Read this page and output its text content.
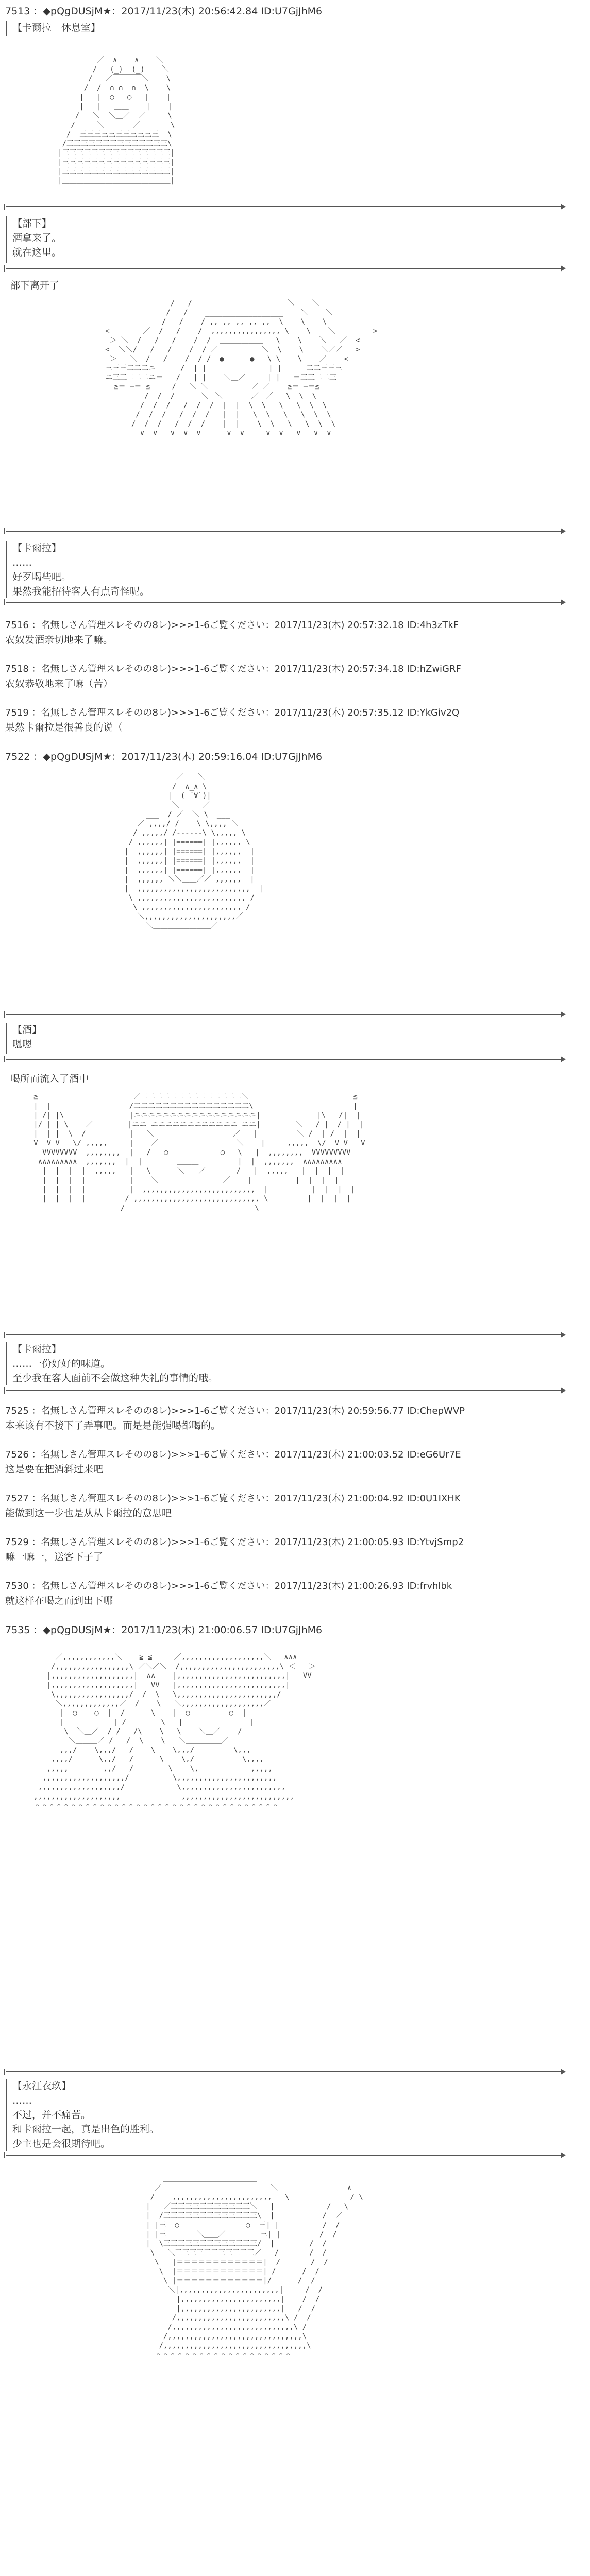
7513 ：◆pQgDUSjM★：2017/11/23(木) 20:56:42.84 ID:U7GjJhM6
【卡爾拉　休息室】
__________
／  ∧    ∧    ＼
/   (_)  (_)    ＼
/   ／￣￣￣￣＼    \
/  /  ∩ ∩  ∩  \    \
|   |  ○   ○   |    |
|   |   ＿＿    |    |
/   ＼  ＼＿／  ／     \
/     ＼＿＿＿＿／       \
/  三三三三三三三三三三三  \
/三三三三三三三三三三三三三三\
|三三三三三三三三三三三三三三三|
|三三三三三三三三三三三三三三三|
|三三三三三三三三三三三三三三三|
|＿＿＿＿＿＿＿＿＿＿＿＿＿＿＿|
【部下】
酒拿来了。
就在这里。
部下离开了
/   /                      ＼    ＼
/   /    __________________    ＼    ＼
__ /   /    / ,, ,, ,, ,, ,,  \    \    \
< ＿     ／  /   /    /  ,,,,,,,,,,,,,,,, \    \    ＼      ＿ >
＞ ＼  /   /   /    /  /  ＿＿＿＿＿＿   \    \    ＼   ／  <
<  ＼＼/   /   /    /  / ／          ＼  \    \    ＼／／   >
＞   ＼  /   /    /  / /  ●      ●   \ \    \    ／    <
三三三二二二ニ＿    /  | |     ＿＿      | |    ＿二二三三三
ニ三三二二二ニ＝   /   | |    ＼＿／     | |   ＝三三二二三
≧＝ ―＝ ≦     /   ＼ ＼          ／ ／    ≧＝ ―＝≦
/  /  /      ＼＿＼＿＿＿＿／＿／   \  \  \
/  /  /   /  /  /  |  |  \  \   \   \  \  \
/  /  /   /  /  /   |  |   \  \   \   \  \  \
/  /  /   /  /  /    |  |    \  \   \   \  \  \
∨  ∨   ∨  ∨  ∨      ∨  ∨     ∨  ∨   ∨   ∨  ∨
【卡爾拉】
……
好歹喝些吧。
果然我能招待客人有点奇怪呢。
7516 ：名無しさん管理スレそのの8レ)>>>1-6ご覧ください：2017/11/23(木) 20:57:32.18 ID:4h3zTkF
农奴发酒亲切地来了嘛。
7518 ：名無しさん管理スレそのの8レ)>>>1-6ご覧ください：2017/11/23(木) 20:57:34.18 ID:hZwiGRF
农奴恭敬地来了嘛（苦）
7519 ：名無しさん管理スレそのの8レ)>>>1-6ご覧ください：2017/11/23(木) 20:57:35.12 ID:YkGiv2Q
果然卡爾拉是很善良的说（
7522 ：◆pQgDUSjM★：2017/11/23(木) 20:59:16.04 ID:U7GjJhM6
／￣￣＼
/  ∧_∧ \
|  ( ´∀`)|
＼ ＿＿ ／
___  / ／  ＼ \  ___
／ ,,,,/ /    \ \,,,, ＼
/ ,,,,,/ /------\ \,,,,, \
/ ,,,,,,| |======| |,,,,,, \
|  ,,,,,,| |======| |,,,,,,  |
|  ,,,,,,| |======| |,,,,,,  |
|  ,,,,,,| |======| |,,,,,,  |
|  ,,,,,, ＼＼＿＿／／ ,,,,,,  |
|  ,,,,,,,,,,,,,,,,,,,,,,,,,,  |
\ ,,,,,,,,,,,,,,,,,,,,,,,,, /
\ ,,,,,,,,,,,,,,,,,,,,,,, /
＼,,,,,,,,,,,,,,,,,,,,,／
＼＿＿＿＿＿＿＿＿／
【酒】
嗯嗯
喝所而流入了酒中
≧                      ／二二二二二二二二二二二二二二＼                        ≦
|  |                  /二二二二二二二二二二二二二二二二\                       |
| /| |\               |ニニニニニニニニニニニニニニニニニ|             |\   /|  |
|/ | | \    ／        |ニニ ニニニニニニニニニニニニ ニニ|        ＼   / |  / |  |
|  | |  \  /          |   ＼＿＿＿＿＿＿＿＿＿＿＿／   |         ＼ /  | /  |  |
V  V V   \/ ,,,,,     |    ／                  ＼    |     ,,,,,  \/  V V   V
VVVVVVVV  ,,,,,,,,  |   /   ○            ○   \   |  ,,,,,,,,  VVVVVVVVV
∧∧∧∧∧∧∧∧∧  ,,,,,,,  |  |        ＿＿＿         |  |  ,,,,,,,  ∧∧∧∧∧∧∧∧∧
|  |  |  |  ,,,,,   |   \      ＼＿＿／       /   |  ,,,,,   |  |  |  |
|  |  |  |          |    ＼＿＿＿＿＿＿＿＿＿／    |          |  |  |  |
|  |  |  |          |  ,,,,,,,,,,,,,,,,,,,,,,,,,,  |          |  |  |  |
|  |  |  |         / ,,,,,,,,,,,,,,,,,,,,,,,,,,,,, \         |  |  |  |
/＿＿＿＿＿＿＿＿＿＿＿＿＿＿＿＿＿＿\
【卡爾拉】
……一份好好的味道。
至少我在客人面前不会做这种失礼的事情的哦。
7525 ：名無しさん管理スレそのの8レ)>>>1-6ご覧ください：2017/11/23(木) 20:59:56.77 ID:ChepWVP
本来该有不接下了弄事吧。而是是能强喝都喝的。
7526 ：名無しさん管理スレそのの8レ)>>>1-6ご覧ください：2017/11/23(木) 21:00:03.52 ID:eG6Ur7E
这是要在把酒斜过来吧
7527 ：名無しさん管理スレそのの8レ)>>>1-6ご覧ください：2017/11/23(木) 21:00:04.92 ID:0U1IXHK
能做到这一步也是从从卡爾拉的意思吧
7529 ：名無しさん管理スレそのの8レ)>>>1-6ご覧ください：2017/11/23(木) 21:00:05.93 ID:YtvjSmp2
嘛一嘛一，送客下子了
7530 ：名無しさん管理スレそのの8レ)>>>1-6ご覧ください：2017/11/23(木) 21:00:26.93 ID:frvhlbk
就这样在喝之而到出下哪
7535 ：◆pQgDUSjM★：2017/11/23(木) 21:00:06.57 ID:U7GjJhM6
＿＿＿＿＿＿                 ＿＿＿＿＿＿＿＿＿
／,,,,,,,,,,,,＼    ≧ ≦     ／,,,,,,,,,,,,,,,,,,,＼   ∧∧∧
/,,,,,,,,,,,,,,,,,\ ／＼／＼  /,,,,,,,,,,,,,,,,,,,,,,,\ ＜   ＞
|,,,,,,,,,,,,,,,,,,,|  ∧∧    |,,,,,,,,,,,,,,,,,,,,,,,,,|   VV
|,,,,,,,,,,,,,,,,,,,|   VV   |,,,,,,,,,,,,,,,,,,,,,,,,,|
\,,,,,,,,,,,,,,,,,/  /  \   \,,,,,,,,,,,,,,,,,,,,,,,/
＼,,,,,,,,,,,,,／  /    \   ＼,,,,,,,,,,,,,,,,,,,／
|  ○    ○  |  /      \    |  ○         ○  |
|    ＿＿    | /        \   |      ＿＿      |
\  ＼＿／  / /   /\    \   \    ＼＿／    /
＼＿＿＿／ /   /  \    \   ＼＿＿＿＿＿／
,,,/    \,,,/   /    \    \,,,/         \,,,
,,,,/      \,,/   /      \    \,/           \,,,,
,,,,,        ,,/   /        \    \,            ,,,,,
,,,,,,,,,,,,,,,,,,,/          \,,,,,,,,,,,,,,,,,,,,,,,
,,,,,,,,,,,,,,,,,,,/            \,,,,,,,,,,,,,,,,,,,,,,,,
,,,,,,,,,,,,,,,,,,,,              ,,,,,,,,,,,,,,,,,,,,,,,,,,
＾＾＾＾＾＾＾＾＾＾＾＾＾＾＾＾＾＾＾＾＾＾＾＾＾＾＾＾＾＾＾＾＾＾
【永江衣玖】
……
不过，并不痛苦。
和卡爾拉一起，真是出色的胜利。
少主也是会很期待吧。
＿＿＿＿＿＿＿＿＿＿＿＿＿
／                         ＼                ∧
/    ,,,,,,,,,,,,,,,,,,,,,,,   \              / \
|   ／三三三三三三三三三三三＼   |            /   \
|  /三三三三三三三三三三三三三\  |           /  ／
| |三  ○      ＿＿      ○  三| |          /  /
| |三       ＼＿＿／        三| |         /  /
|  \三三三三三三三三三三三三三/  |        /  /
\   ＼三三三三三三三三三三三／   /       /  /
\   |＝＝＝＝＝＝＝＝＝＝＝＝|  /       /  /
\  |＝＝＝＝＝＝＝＝＝＝＝＝| /      /  /
\ |＝＝＝＝＝＝＝＝＝＝＝＝|/      /  /
＼|,,,,,,,,,,,,,,,,,,,,,,,|     /  /
|,,,,,,,,,,,,,,,,,,,,,,,|    /  /
|,,,,,,,,,,,,,,,,,,,,,,,|   /  /
/,,,,,,,,,,,,,,,,,,,,,,,,,\ /  /
/,,,,,,,,,,,,,,,,,,,,,,,,,,,,\ /
/,,,,,,,,,,,,,,,,,,,,,,,,,,,,,,,\
/,,,,,,,,,,,,,,,,,,,,,,,,,,,,,,,,,\
＾＾＾＾＾＾＾＾＾＾＾＾＾＾＾＾＾＾＾
